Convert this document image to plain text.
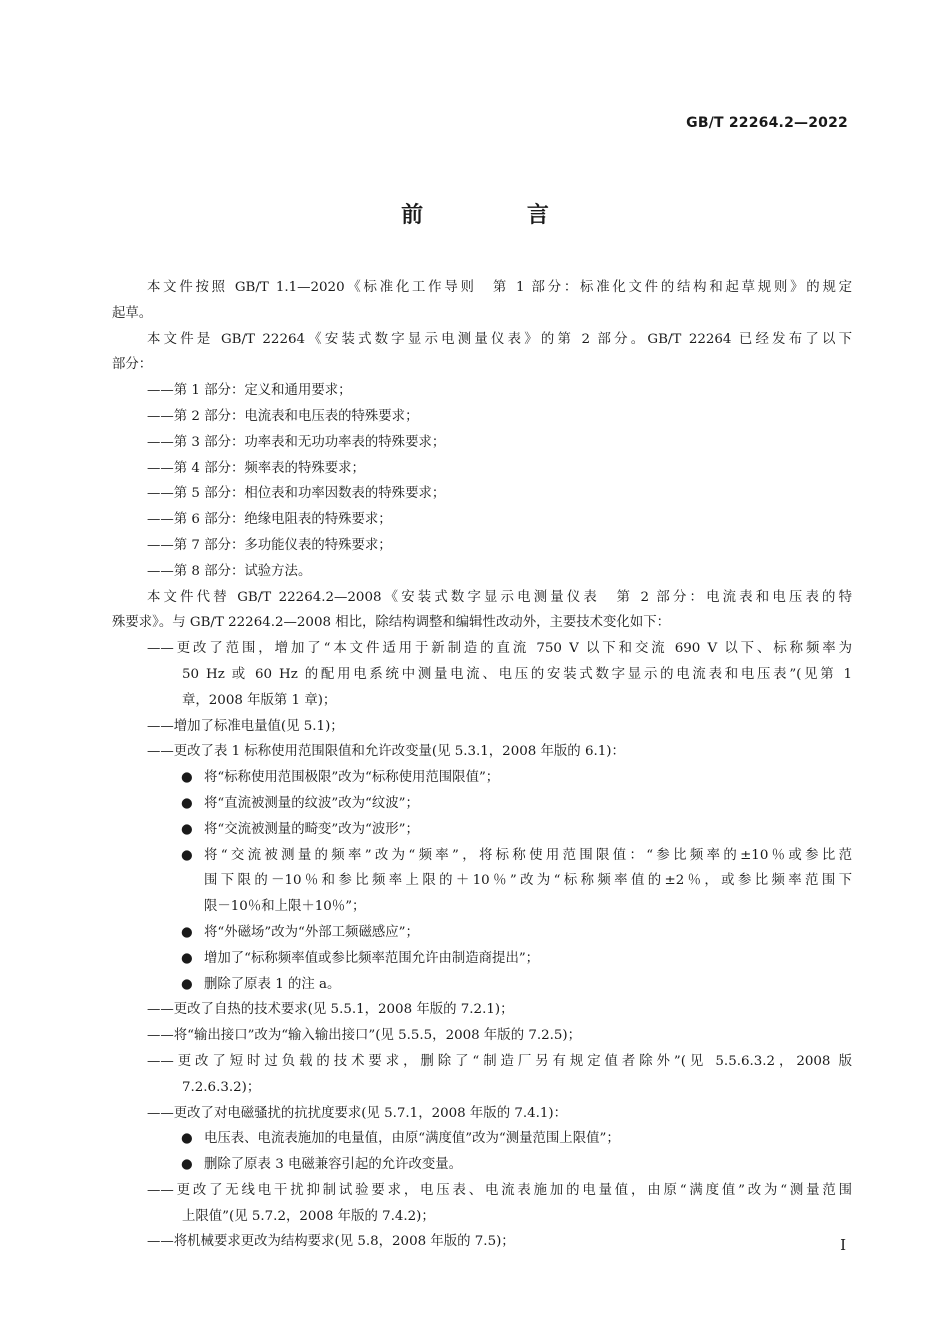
GB/T 22264.2—2022
前 言
本文件按照 GB/T 1.1—2020《标准化工作导则　第 1 部分：标准化文件的结构和起草规则》的规定
起草。
本文件是 GB/T 22264《安装式数字显示电测量仪表》的第 2 部分。GB/T 22264 已经发布了以下
部分：
——第 1 部分：定义和通用要求；
——第 2 部分：电流表和电压表的特殊要求；
——第 3 部分：功率表和无功功率表的特殊要求；
——第 4 部分：频率表的特殊要求；
——第 5 部分：相位表和功率因数表的特殊要求；
——第 6 部分：绝缘电阻表的特殊要求；
——第 7 部分：多功能仪表的特殊要求；
——第 8 部分：试验方法。
本文件代替 GB/T 22264.2—2008《安装式数字显示电测量仪表　第 2 部分：电流表和电压表的特
殊要求》。与 GB/T 22264.2—2008 相比，除结构调整和编辑性改动外，主要技术变化如下：
——更改了范围，增加了“本文件适用于新制造的直流 750 V 以下和交流 690 V 以下、标称频率为
50 Hz 或 60 Hz 的配用电系统中测量电流、电压的安装式数字显示的电流表和电压表”(见第 1
章，2008 年版第 1 章)；
——增加了标准电量值(见 5.1)；
——更改了表 1 标称使用范围限值和允许改变量(见 5.3.1，2008 年版的 6.1)：
● 将“标称使用范围极限”改为“标称使用范围限值”；
● 将“直流被测量的纹波”改为“纹波”；
● 将“交流被测量的畸变”改为“波形”；
● 将“交流被测量的频率”改为“频率”，将标称使用范围限值：“参比频率的±10％或参比范
围下限的－10％和参比频率上限的＋10％”改为“标称频率值的±2％，或参比频率范围下
限－10％和上限＋10％”；
● 将“外磁场”改为“外部工频磁感应”；
● 增加了“标称频率值或参比频率范围允许由制造商提出”；
● 删除了原表 1 的注 a。
——更改了自热的技术要求(见 5.5.1，2008 年版的 7.2.1)；
——将“输出接口”改为“输入输出接口”(见 5.5.5，2008 年版的 7.2.5)；
——更改了短时过负载的技术要求，删除了“制造厂另有规定值者除外”(见 5.5.6.3.2，2008 版
7.2.6.3.2)；
——更改了对电磁骚扰的抗扰度要求(见 5.7.1，2008 年版的 7.4.1)：
● 电压表、电流表施加的电量值，由原“满度值”改为“测量范围上限值”；
● 删除了原表 3 电磁兼容引起的允许改变量。
——更改了无线电干扰抑制试验要求，电压表、电流表施加的电量值，由原“满度值”改为“测量范围
上限值”(见 5.7.2，2008 年版的 7.4.2)；
——将机械要求更改为结构要求(见 5.8，2008 年版的 7.5)；	I
